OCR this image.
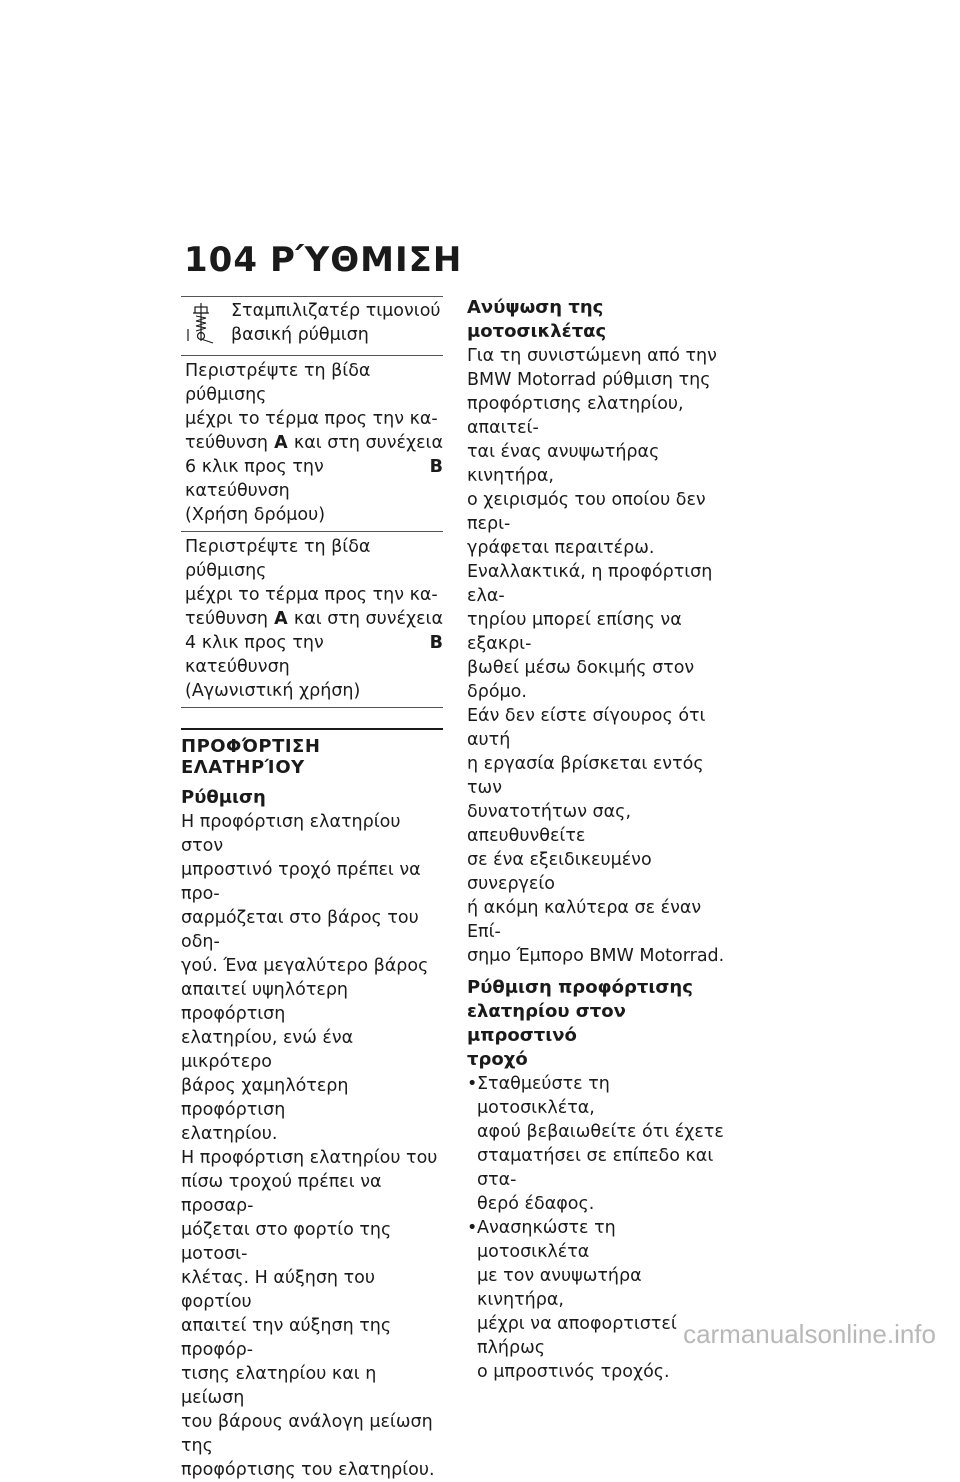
104 ΡΎΘΜΙΣΗ
Σταμπιλιζατέρ τιμονιού βασική ρύθμιση
Περιστρέψτε τη βίδα ρύθμισης
μέχρι το τέρμα προς την κα-
τεύθυνση A και στη συνέχεια
6 κλικ προς την κατεύθυνση
B
(Χρήση δρόμου)
Περιστρέψτε τη βίδα ρύθμισης
μέχρι το τέρμα προς την κα-
τεύθυνση A και στη συνέχεια
4 κλικ προς την κατεύθυνση
B
(Αγωνιστική χρήση)
ΠΡΟΦΌΡΤΙΣΗ ΕΛΑΤΗΡΊΟΥ
Ρύθμιση

Η προφόρτιση ελατηρίου στον

μπροστινό τροχό πρέπει να προ-

σαρμόζεται στο βάρος του οδη-

γού. Ένα μεγαλύτερο βάρος

απαιτεί υψηλότερη προφόρτιση

ελατηρίου, ενώ ένα μικρότερο

βάρος χαμηλότερη προφόρτιση

ελατηρίου.

Η προφόρτιση ελατηρίου του

πίσω τροχού πρέπει να προσαρ-

μόζεται στο φορτίο της μοτοσι-

κλέτας. Η αύξηση του φορτίου

απαιτεί την αύξηση της προφόρ-

τισης ελατηρίου και η μείωση

του βάρους ανάλογη μείωση της

προφόρτισης του ελατηρίου.

Ανύψωση της μοτοσικλέτας

Για τη συνιστώμενη από την

BMW Motorrad ρύθμιση της

προφόρτισης ελατηρίου, απαιτεί-

ται ένας ανυψωτήρας κινητήρα,

ο χειρισμός του οποίου δεν περι-

γράφεται περαιτέρω.

Εναλλακτικά, η προφόρτιση ελα-

τηρίου μπορεί επίσης να εξακρι-

βωθεί μέσω δοκιμής στον δρόμο.

Εάν δεν είστε σίγουρος ότι αυτή

η εργασία βρίσκεται εντός των

δυνατοτήτων σας, απευθυνθείτε

σε ένα εξειδικευμένο συνεργείο

ή ακόμη καλύτερα σε έναν Επί-

σημο Έμπορο BMW Motorrad.

Ρύθμιση προφόρτισης
ελατηρίου στον μπροστινό
τροχό
• Σταθμεύστε τη μοτοσικλέτα,
αφού βεβαιωθείτε ότι έχετε
σταματήσει σε επίπεδο και στα-
θερό έδαφος.
• Ανασηκώστε τη μοτοσικλέτα
με τον ανυψωτήρα κινητήρα,
μέχρι να αποφορτιστεί πλήρως
ο μπροστινός τροχός.
carmanualsonline.info
